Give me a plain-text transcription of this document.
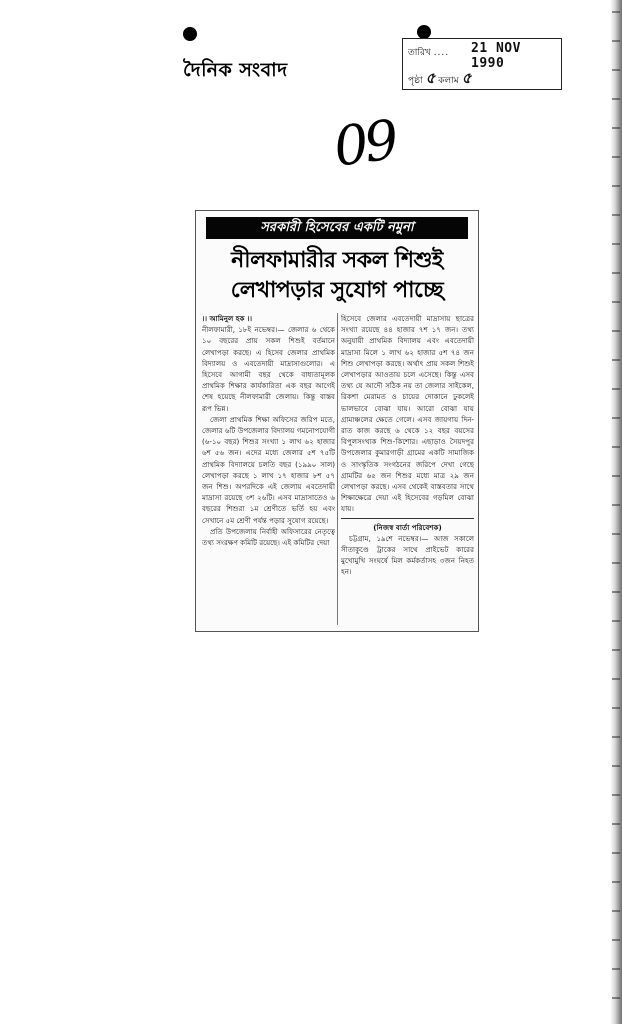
দৈনিক সংবাদ
তারিখ .... 21 NOV 1990
পৃষ্ঠা ৫ কলাম ৫
09
সরকারী হিসেবের একটি নমুনা
নীলফামারীর সকল শিশুই
লেখাপড়ার সুযোগ পাচ্ছে

।। আমিনুল হক ।।

নীলফামারী, ১৮ই নভেম্বর।— জেলার ৬ থেকে ১০ বছরের প্রায় সকল শিশুই বর্তমানে লেখাপড়া করছে। এ হিসেব জেলার প্রাথমিক বিদ্যালয় ও এবতেদায়ী মাদ্রাসাগুলোর। এ হিসেবে আগামী বছর থেকে বাধ্যতামূলক প্রাথমিক শিক্ষার কার্যকারিতা এক বছর আগেই শেষ হয়েছে নীলফামারী জেলায়। কিন্তু বাস্তব রূপ ভিন্ন।

জেলা প্রাথমিক শিক্ষা অফিসের জরিপ মতে, জেলার ৬টি উপজেলার বিদ্যালয় গমনোপযোগী (৬-১০ বছর) শিশুর সংখ্যা ১ লাখ ৬২ হাজার ৬শ ৫৬ জন। এদের মধ্যে জেলার ৫শ ৭৫টি প্রাথমিক বিদ্যালয়ে চলতি বছর (১৯৯০ সাল) লেখাপড়া করছে ১ লাখ ১৭ হাজার ৮শ ৫৭ জন শিশু। অপরদিকে এই জেলায় এবতেদায়ী মাদ্রাসা রয়েছে ৩শ ২৬টি। এসব মাদ্রাসাতেও ৬ বছরের শিশুরা ১ম শ্রেণীতে ভর্তি হয় এবং সেখানে ৫ম শ্রেণী পর্যন্ত পড়ার সুযোগ রয়েছে।

প্রতি উপজেলায় নির্বাহী অফিসারের নেতৃত্বে তথ্য সংরক্ষণ কমিটি রয়েছে। এই কমিটির দেয়া

হিসেবে জেলার এবতেদায়ী মাদ্রাসায় ছাত্রের সংখ্যা রয়েছে ৪৪ হাজার ৭শ ১৭ জন। তথ্য অনুযায়ী প্রাথমিক বিদ্যালয় এবং এবতেদায়ী মাদ্রাসা মিলে ১ লাখ ৬২ হাজার ৫শ ৭৪ জন শিশু লেখাপড়া করছে। অর্থাৎ প্রায় সকল শিশুই লেখাপড়ার আওতায় চলে এসেছে। কিন্তু এসব তথ্য যে আদৌ সঠিক নয় তা জেলার সাইকেল, রিকশা মেরামত ও চায়ের দোকানে ঢুকলেই ভালভাবে বোঝা যায়। আরো বোঝা যায় গ্রামাঞ্চলের ক্ষেতে গেলে। এসব জায়গায় দিন-রাত কাজ করছে ৬ থেকে ১২ বছর বয়সের বিপুলসংখ্যক শিশু-কিশোর। এছাড়াও সৈয়দপুর উপজেলার কুমারগাড়ী গ্রামের একটি সামাজিক ও সাংস্কৃতিক সংগঠনের জরিপে দেখা গেছে গ্রামটির ৬৫ জন শিশুর মধ্যে মাত্র ২৯ জন লেখাপড়া করছে। এসব থেকেই বাস্তবতার সাথে শিক্ষাক্ষেত্রে দেয়া এই হিসেবের গড়মিল বোঝা যায়।

(নিজস্ব বার্তা পরিবেশক)

চট্টগ্রাম, ১৯শে নভেম্বর।— আজ সকালে সীতাকুণ্ডে ট্রাকের সাথে প্রাইভেট কারের মুখোমুখি সংঘর্ষে মিল কর্মকর্তাসহ ৩জন নিহত হন।
